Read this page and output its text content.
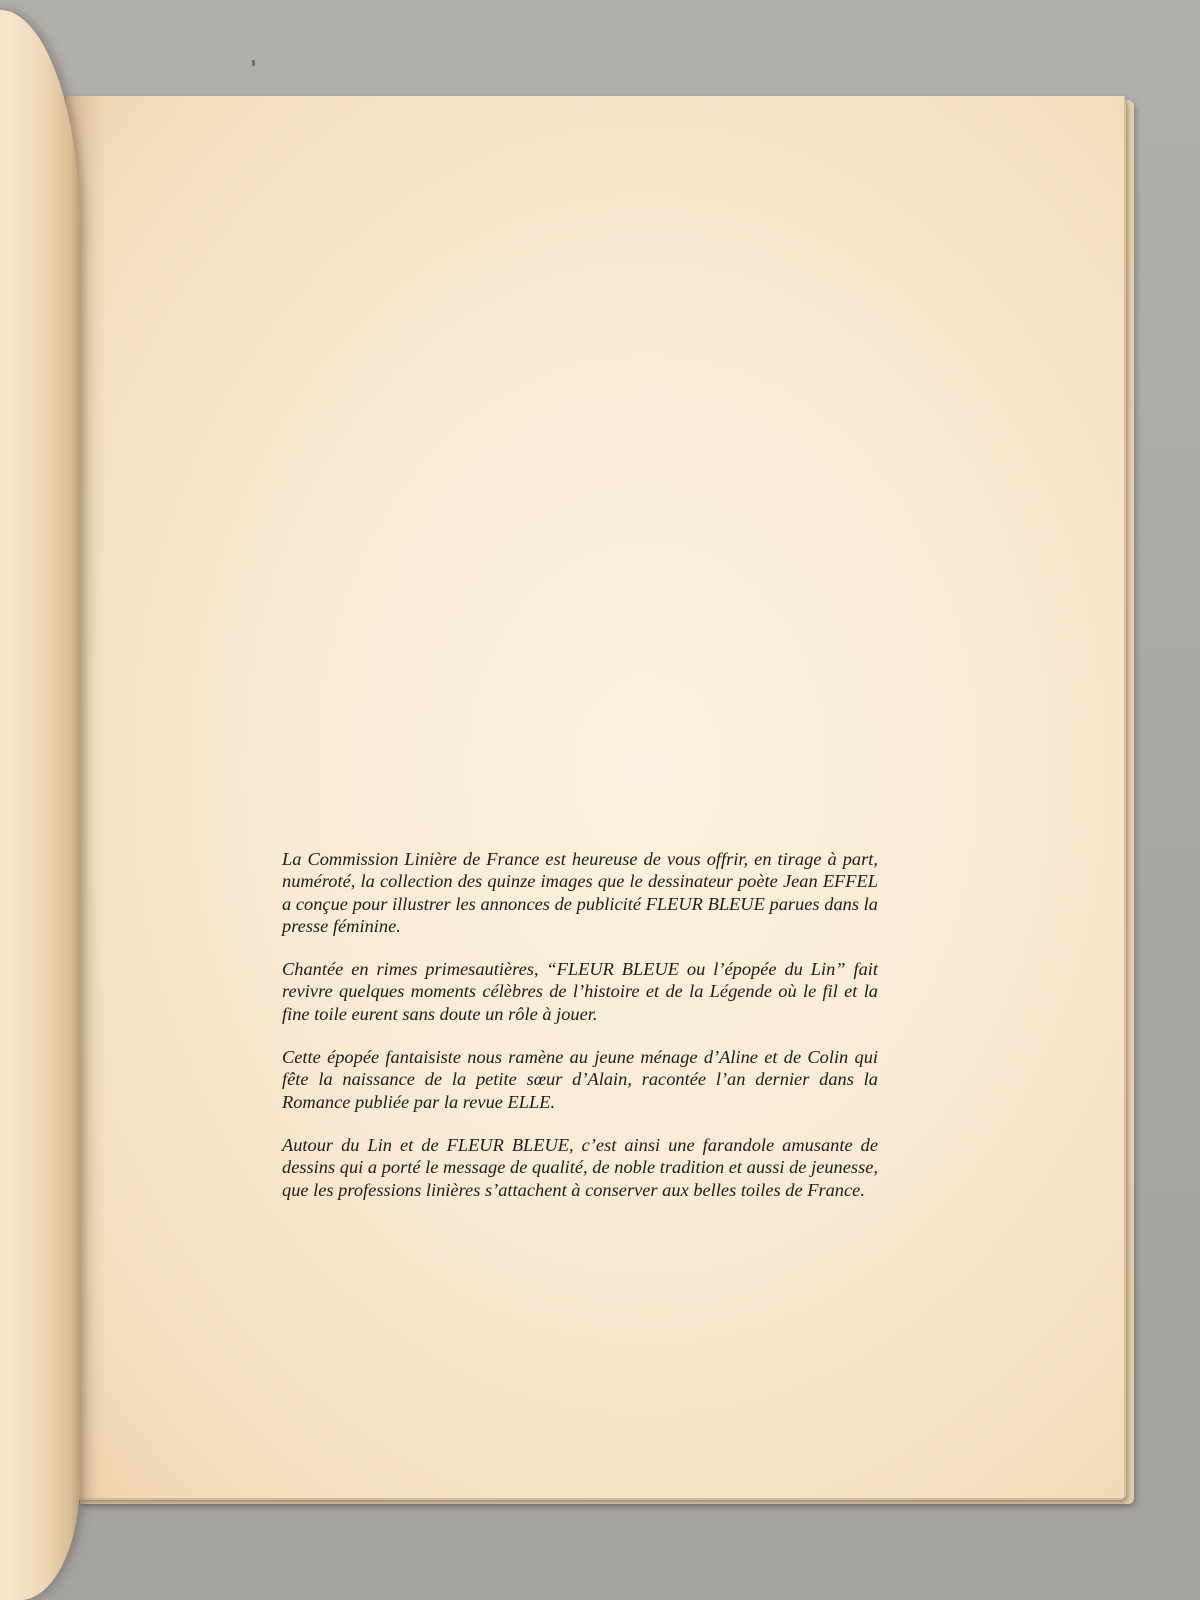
La Commission Linière de France est heureuse de vous offrir, en tirage à part, numéroté, la collection des quinze images que le dessinateur poète Jean EFFEL a conçue pour illustrer les annonces de publicité FLEUR BLEUE parues dans la presse féminine.

Chantée en rimes primesautières, “FLEUR BLEUE ou l’épopée du Lin” fait revivre quelques moments célèbres de l’histoire et de la Légende où le fil et la fine toile eurent sans doute un rôle à jouer.

Cette épopée fantaisiste nous ramène au jeune ménage d’Aline et de Colin qui fête la naissance de la petite sœur d’Alain, racontée l’an dernier dans la Romance publiée par la revue ELLE.

Autour du Lin et de FLEUR BLEUE, c’est ainsi une farandole amusante de dessins qui a porté le message de qualité, de noble tradition et aussi de jeunesse, que les professions linières s’attachent à conserver aux belles toiles de France.
